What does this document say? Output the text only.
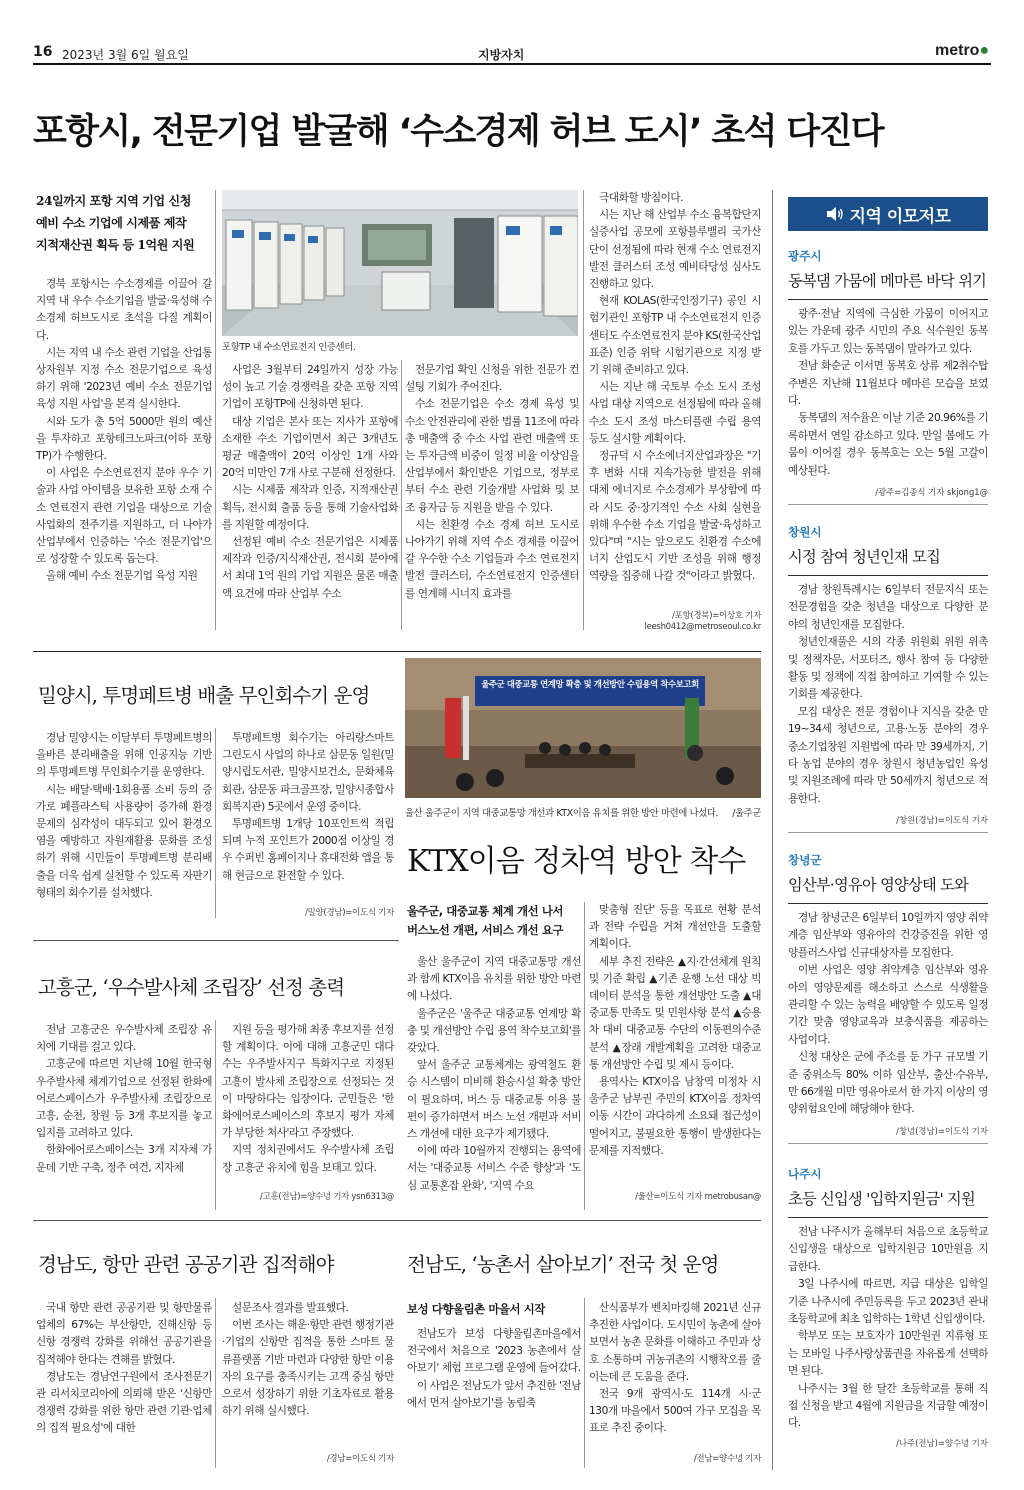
16 2023년 3월 6일 월요일	지방자치	metro●
포항시, 전문기업 발굴해 ‘수소경제 허브 도시’ 초석 다진다
24일까지 포항 지역 기업 신청
예비 수소 기업에 시제품 제작
지적재산권 획득 등 1억원 지원
포항TP 내 수소연료전지 인증센터.

경북 포항시는 수소경제를 이끌어 갈 지역 내 우수 수소기업을 발굴·육성해 수소경제 허브도시로 초석을 다질 계획이다.

시는 지역 내 수소 관련 기업을 산업통상자원부 지정 수소 전문기업으로 육성하기 위해 '2023년 예비 수소 전문기업 육성 지원 사업'을 본격 실시한다.

시와 도가 총 5억 5000만 원의 예산을 투자하고 포항테크노파크(이하 포항TP)가 수행한다.

이 사업은 수소연료전지 분야 우수 기술과 사업 아이템을 보유한 포항 소재 수소 연료전지 관련 기업을 대상으로 기술사업화의 전주기를 지원하고, 더 나아가 산업부에서 인증하는 '수소 전문기업'으로 성장할 수 있도록 돕는다.

올해 예비 수소 전문기업 육성 지원

사업은 3월부터 24일까지 성장 가능성이 높고 기술 경쟁력을 갖춘 포항 지역 기업이 포항TP에 신청하면 된다.

대상 기업은 본사 또는 지사가 포항에 소재한 수소 기업이면서 최근 3개년도 평균 매출액이 20억 이상인 1개 사와 20억 미만인 7개 사로 구분해 선정한다.

시는 시제품 제작과 인증, 지적재산권 획득, 전시회 출품 등을 통해 기술사업화를 지원할 예정이다.

선정된 예비 수소 전문기업은 시제품 제작과 인증/지식재산권, 전시회 분야에서 최대 1억 원의 기업 지원은 물론 매출액 요건에 따라 산업부 수소

전문기업 확인 신청을 위한 전문가 컨설팅 기회가 주어진다.

수소 전문기업은 수소 경제 육성 및 수소 안전관리에 관한 법률 11조에 따라 총 매출액 중 수소 사업 관련 매출액 또는 투자금액 비중이 일정 비율 이상임을 산업부에서 확인받은 기업으로, 정부로부터 수소 관련 기술개발 사업화 및 보조 융자금 등 지원을 받을 수 있다.

시는 친환경 수소 경제 허브 도시로 나아가기 위해 지역 수소 경제를 이끌어갈 우수한 수소 기업들과 수소 연료전지 발전 클러스터, 수소연료전지 인증센터를 연계해 시너지 효과를

극대화할 방침이다.

시는 지난 해 산업부 수소 융복합단지 실증사업 공모에 포항블루밸리 국가산단이 선정됨에 따라 현재 수소 연료전지 발전 클러스터 조성 예비타당성 심사도 진행하고 있다.

현재 KOLAS(한국인정기구) 공인 시험기관인 포항TP 내 수소연료전지 인증센터도 수소연료전지 분야 KS(한국산업표준) 인증 위탁 시험기관으로 지정 받기 위해 준비하고 있다.

시는 지난 해 국토부 수소 도시 조성사업 대상 지역으로 선정됨에 따라 올해 수소 도시 조성 마스터플랜 수립 용역 등도 실시할 계획이다.

정규덕 시 수소에너지산업과장은 "기후 변화 시대 지속가능한 발전을 위해 대체 에너지로 수소경제가 부상함에 따라 시도 중·장기적인 수소 사회 실현을 위해 우수한 수소 기업을 발굴·육성하고 있다"며 "시는 앞으로도 친환경 수소에너지 산업도시 기반 조성을 위해 행정 역량을 집중해 나갈 것"이라고 밝혔다.

/포항(경북)=이상호 기자
leesh0412@metroseoul.co.kr
밀양시, 투명페트병 배출 무인회수기 운영

경남 밀양시는 이달부터 투명페트병의 올바른 분리배출을 위해 인공지능 기반의 투명페트병 무인회수기를 운영한다.

시는 배달·택배·1회용품 소비 등의 증가로 폐플라스틱 사용량이 증가해 환경문제의 심각성이 대두되고 있어 환경오염을 예방하고 자원재활용 문화를 조성하기 위해 시민들이 투명페트병 분리배출을 더욱 쉽게 실천할 수 있도록 자판기 형태의 회수기를 설치했다.

투명페트병 회수기는 아리랑스마트 그린도시 사업의 하나로 삼문동 일원(밀양시립도서관, 밀양시보건소, 문화체육회관, 삼문동 파크골프장, 밀양시종합사회복지관) 5곳에서 운영 중이다.

투명페트병 1개당 10포인트씩 적립되며 누적 포인트가 2000점 이상일 경우 수퍼빈 홈페이지나 휴대전화 앱을 통해 현금으로 환전할 수 있다.

/밀양(경남)=이도식 기자
울주군 대중교통 연계망 확충 및 개선방안 수립용역 착수보고회
울산 울주군이 지역 대중교통망 개선과 KTX이음 유치를 위한 방안 마련에 나섰다.	/울주군
KTX이음 정차역 방안 착수
울주군, 대중교통 체계 개선 나서
버스노선 개편, 서비스 개선 요구

울산 울주군이 지역 대중교통망 개선과 함께 KTX이음 유치를 위한 방안 마련에 나섰다.

울주군은 '울주군 대중교통 연계망 확충 및 개선방안 수립 용역 착수보고회'를 갖았다.

앞서 울주군 교통체계는 광역철도 환승 시스템이 미비해 환승시설 확충 방안이 필요하며, 버스 등 대중교통 이용 불편이 증가하면서 버스 노선 개편과 서비스 개선에 대한 요구가 제기됐다.

이에 따라 10월까지 진행되는 용역에서는 '대중교통 서비스 수준 향상'과 '도심 교통혼잡 완화', '지역 수요

맞춤형 진단' 등을 목표로 현황 분석과 전략 수립을 거쳐 개선안을 도출할 계획이다.

세부 추진 전략은 ▲지·간선체계 원칙 및 기준 확립 ▲기존 운행 노선 대상 빅데이터 분석을 통한 개선방안 도출 ▲대중교통 만족도 및 민원사항 분석 ▲승용차 대비 대중교통 수단의 이동편의수준 분석 ▲장래 개발계획을 고려한 대중교통 개선방안 수립 및 제시 등이다.

용역사는 KTX이음 남창역 미정차 시 울주군 남부권 주민의 KTX이음 정차역 이동 시간이 과다하게 소요돼 접근성이 떨어지고, 불필요한 통행이 발생한다는 문제를 지적했다.

/울산=이도식 기자 metrobusan@
고흥군, ‘우수발사체 조립장’ 선정 총력

전남 고흥군은 우수발사체 조립장 유치에 기대를 걸고 있다.

고흥군에 따르면 지난해 10월 한국형 우주발사체 체계기업으로 선정된 한화에어로스페이스가 우주발사체 조립장으로 고흥, 순천, 창원 등 3개 후보지를 놓고 입지를 고려하고 있다.

한화에어로스페이스는 3개 지자체 가운데 기반 구축, 정주 여건, 지자체

지원 등을 평가해 최종 후보지를 선정할 계획이다. 이에 대해 고흥군민 대다수는 우주발사지구 특화지구로 지정된 고흥이 발사체 조립장으로 선정되는 것이 마땅하다는 입장이다. 군민들은 '한화에어로스페이스의 후보지 평가 자체가 부당한 처사'라고 주장했다.

지역 정치권에서도 우수발사체 조립장 고흥군 유치에 힘을 보태고 있다.

/고흥(전남)=양수녕 기자 ysn6313@
경남도, 항만 관련 공공기관 집적해야

국내 항만 관련 공공기관 및 항만물류업체의 67%는 부산항만, 진해신항 등 신항 경쟁력 강화를 위해선 공공기관을 집적해야 한다는 견해를 밝혔다.

경남도는 경남연구원에서 조사전문기관 리서치코리아에 의뢰해 받은 '신항만 경쟁력 강화를 위한 항만 관련 기관·업체의 집적 필요성'에 대한

설문조사 결과를 발표했다.

이번 조사는 해운·항만 관련 행정기관·기업의 신항만 집적을 통한 스마트 물류플랫폼 기반 마련과 다양한 항만 이용자의 요구를 충족시키는 고객 중심 항만으로서 성장하기 위한 기초자료로 활용하기 위해 실시했다.

/경남=이도식 기자
전남도, ‘농촌서 살아보기’ 전국 첫 운영
보성 다향울림촌 마을서 시작

전남도가 보성 다향울림촌마을에서 전국에서 처음으로 '2023 농촌에서 살아보기' 체험 프로그램 운영에 들어갔다.

이 사업은 전남도가 앞서 추진한 '전남에서 먼저 살아보기'를 농림축

산식품부가 벤치마킹해 2021년 신규 추진한 사업이다. 도시민이 농촌에 살아보면서 농촌 문화를 이해하고 주민과 상호 소통하며 귀농귀촌의 시행착오를 줄이는데 큰 도움을 준다.

전국 9개 광역시·도 114개 시·군 130개 마을에서 500여 가구 모집을 목표로 추진 중이다.

/전남=양수녕 기자
지역 이모저모
광주시
동복댐 가뭄에 메마른 바닥 위기

광주·전남 지역에 극심한 가뭄이 이어지고 있는 가운데 광주 시민의 주요 식수원인 동복호를 가두고 있는 동복댐이 말라가고 있다.

전남 화순군 이서면 동복호 상류 제2취수탑 주변은 지난해 11월보다 메마른 모습을 보였다.

동복댐의 저수율은 이날 기준 20.96%를 기록하면서 연일 감소하고 있다. 만일 봄에도 가뭄이 이어질 경우 동복호는 오는 5월 고갈이 예상된다.

/광주=김종식 기자 skjong1@
창원시
시정 참여 청년인재 모집

경남 창원특례시는 6일부터 전문지식 또는 전문경험을 갖춘 청년을 대상으로 다양한 분야의 청년인재를 모집한다.

청년인재풀은 시의 각종 위원회 위원 위촉 및 정책자문, 서포터즈, 행사 참여 등 다양한 활동 및 정책에 직접 참여하고 기여할 수 있는 기회를 제공한다.

모집 대상은 전문 경험이나 지식을 갖춘 만 19~34세 청년으로, 고용·노동 분야의 경우 중소기업창원 지원법에 따라 만 39세까지, 기타 농업 분야의 경우 창원시 청년농업인 육성 및 지원조례에 따라 만 50세까지 청년으로 적용한다.

/창원(경남)=이도식 기자
창녕군
임산부·영유아 영양상태 도와

경남 창녕군은 6일부터 10일까지 영양 취약계층 임산부와 영유아의 건강증진을 위한 영양플러스사업 신규대상자를 모집한다.

이번 사업은 영양 취약계층 임산부와 영유아의 영양문제를 해소하고 스스로 식생활을 관리할 수 있는 능력을 배양할 수 있도록 일정기간 맞춤 영양교육과 보충식품을 제공하는 사업이다.

신청 대상은 군에 주소를 둔 가구 규모별 기준 중위소득 80% 이하 임산부, 출산·수유부, 만 66개월 미만 영유아로서 한 가지 이상의 영양위험요인에 해당해야 한다.

/창녕(경남)=이도식 기자
나주시
초등 신입생 '입학지원금' 지원

전남 나주시가 올해부터 처음으로 초등학교 신입생을 대상으로 입학지원금 10만원을 지급한다.

3일 나주시에 따르면, 지급 대상은 입학일 기준 나주시에 주민등록을 두고 2023년 관내 초등학교에 최초 입학하는 1학년 신입생이다.

학부모 또는 보호자가 10만원권 지류형 또는 모바일 나주사랑상품권을 자유롭게 선택하면 된다.

나주시는 3월 한 달간 초등학교를 통해 직접 신청을 받고 4월에 지원금을 지급할 예정이다.

/나주(전남)=양수녕 기자
